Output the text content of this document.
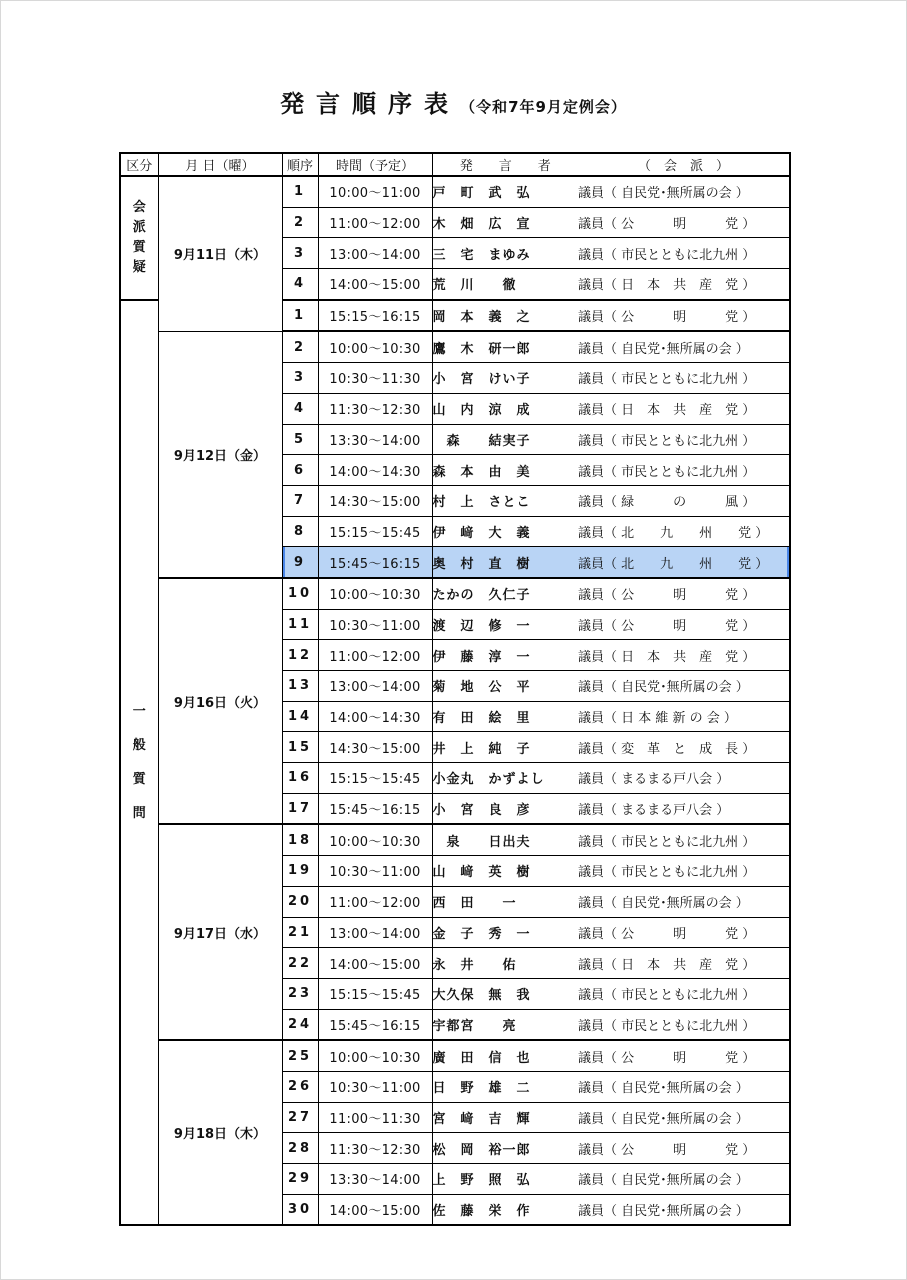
発言順序表（令和7年9月定例会）
区分	月 日（曜）	順序	時間（予定）	発　　言　　者	（　会　派　）

会
派
質
疑	9月11日（木）	1	10:00～11:00	戸　町　武　弘	議員（ 自民党･無所属の会 ）
		2	11:00～12:00	木　畑　広　宣	議員（ 公　　　明　　　党 ）
		3	13:00～14:00	三　宅　まゆみ	議員（ 市民とともに北九州 ）
		4	14:00～15:00	荒　川　　徹	議員（ 日　本　共　産　党 ）

一
般
質
問		1	15:15～16:15	岡　本　義　之	議員（ 公　　　明　　　党 ）
	9月12日（金）	2	10:00～10:30	鷹　木　研一郎	議員（ 自民党･無所属の会 ）
		3	10:30～11:30	小　宮　けい子	議員（ 市民とともに北九州 ）
		4	11:30～12:30	山　内　涼　成	議員（ 日　本　共　産　党 ）
		5	13:30～14:00	　森　　結実子	議員（ 市民とともに北九州 ）
		6	14:00～14:30	森　本　由　美	議員（ 市民とともに北九州 ）
		7	14:30～15:00	村　上　さとこ	議員（ 緑　　　の　　　風 ）
		8	15:15～15:45	伊　﨑　大　義	議員（ 北　　九　　州　　党 ）
		9	15:45～16:15	奥　村　直　樹	議員（ 北　　九　　州　　党 ）
	9月16日（火）	10	10:00～10:30	たかの　久仁子	議員（ 公　　　明　　　党 ）
		11	10:30～11:00	渡　辺　修　一	議員（ 公　　　明　　　党 ）
		12	11:00～12:00	伊　藤　淳　一	議員（ 日　本　共　産　党 ）
		13	13:00～14:00	菊　地　公　平	議員（ 自民党･無所属の会 ）
		14	14:00～14:30	有　田　絵　里	議員（ 日 本 維 新 の 会 ）
		15	14:30～15:00	井　上　純　子	議員（ 変　革　と　成　長 ）
		16	15:15～15:45	小金丸　かずよし	議員（ まるまる戸八会 ）
		17	15:45～16:15	小　宮　良　彦	議員（ まるまる戸八会 ）
	9月17日（水）	18	10:00～10:30	　泉　　日出夫	議員（ 市民とともに北九州 ）
		19	10:30～11:00	山　﨑　英　樹	議員（ 市民とともに北九州 ）
		20	11:00～12:00	西　田　　一	議員（ 自民党･無所属の会 ）
		21	13:00～14:00	金　子　秀　一	議員（ 公　　　明　　　党 ）
		22	14:00～15:00	永　井　　佑	議員（ 日　本　共　産　党 ）
		23	15:15～15:45	大久保　無　我	議員（ 市民とともに北九州 ）
		24	15:45～16:15	宇都宮　　亮	議員（ 市民とともに北九州 ）
	9月18日（木）	25	10:00～10:30	廣　田　信　也	議員（ 公　　　明　　　党 ）
		26	10:30～11:00	日　野　雄　二	議員（ 自民党･無所属の会 ）
		27	11:00～11:30	宮　﨑　吉　輝	議員（ 自民党･無所属の会 ）
		28	11:30～12:30	松　岡　裕一郎	議員（ 公　　　明　　　党 ）
		29	13:30～14:00	上　野　照　弘	議員（ 自民党･無所属の会 ）
		30	14:00～15:00	佐　藤　栄　作	議員（ 自民党･無所属の会 ）
